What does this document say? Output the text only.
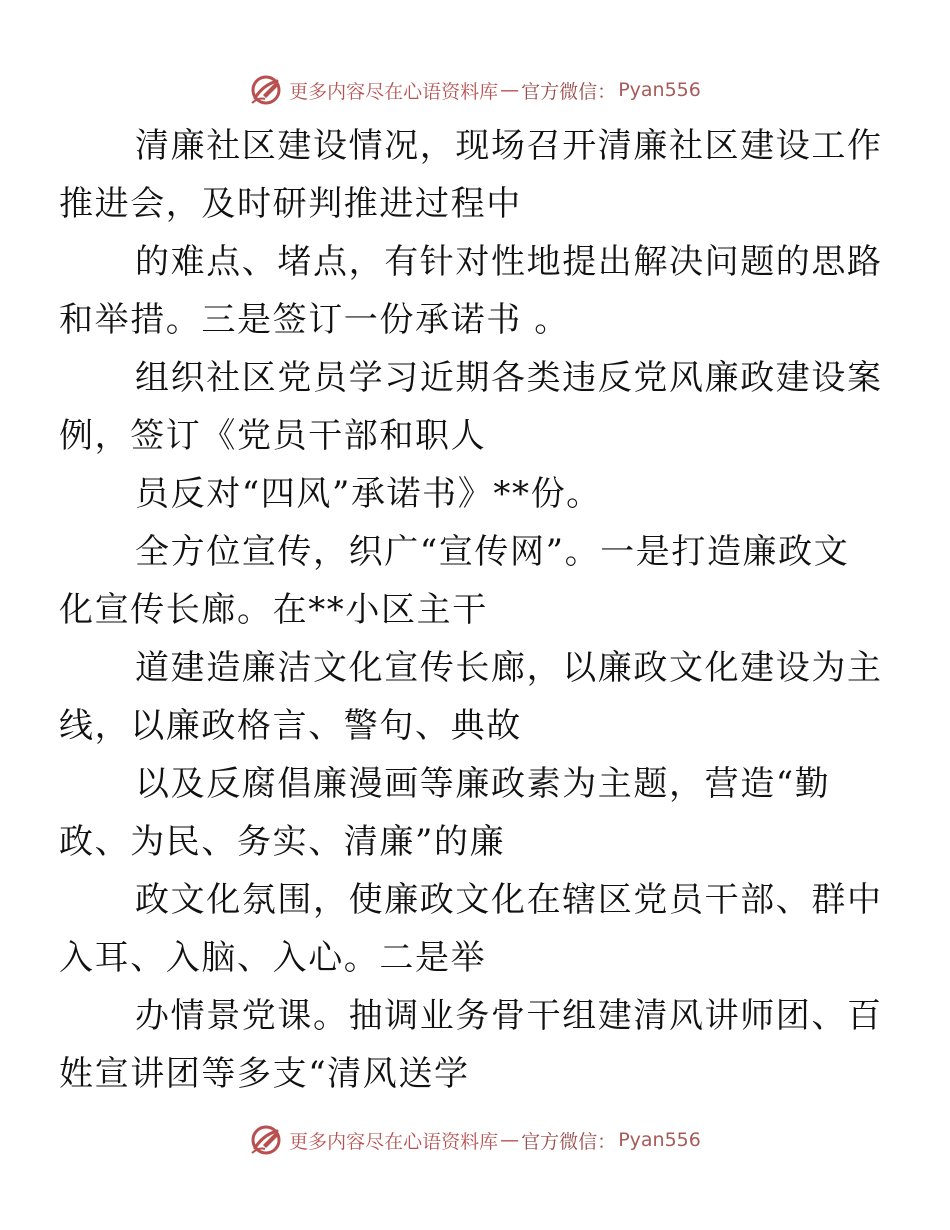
更多内容尽在心语资料库 — 官方微信： Pyan556

清廉社区建设情况，现场召开清廉社区建设工作
推进会，及时研判推进过程中

的难点、堵点，有针对性地提出解决问题的思路
和举措。三是签订一份承诺书 。

组织社区党员学习近期各类违反党风廉政建设案
例，签订《党员干部和职人

员反对“四风”承诺书》**份。

全方位宣传，织广“宣传网”。一是打造廉政文
化宣传长廊。在**小区主干

道建造廉洁文化宣传长廊，以廉政文化建设为主
线，以廉政格言、警句、典故

以及反腐倡廉漫画等廉政素为主题，营造“勤
政、为民、务实、清廉”的廉

政文化氛围，使廉政文化在辖区党员干部、群中
入耳、入脑、入心。二是举

办情景党课。抽调业务骨干组建清风讲师团、百
姓宣讲团等多支“清风送学

更多内容尽在心语资料库 — 官方微信： Pyan556
